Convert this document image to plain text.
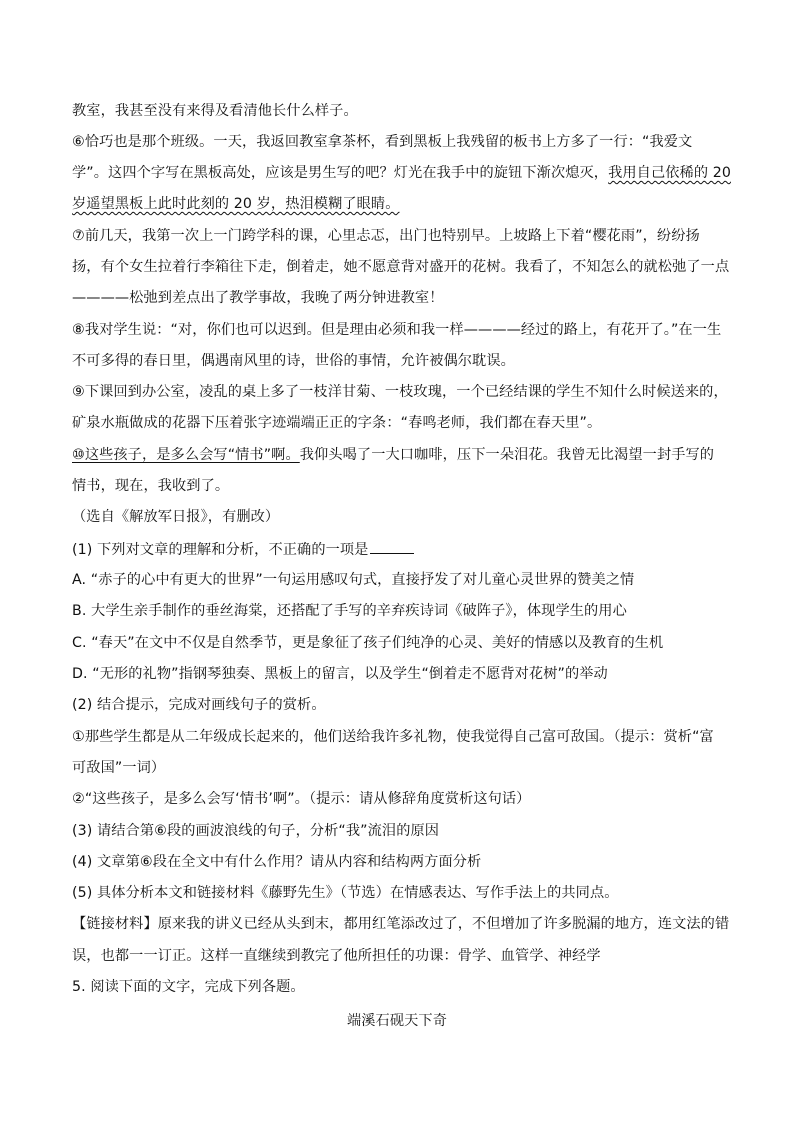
教室，我甚至没有来得及看清他长什么样子。
⑥恰巧也是那个班级。一天，我返回教室拿茶杯，看到黑板上我残留的板书上方多了一行：“我爱文
学”。这四个字写在黑板高处，应该是男生写的吧？灯光在我手中的旋钮下渐次熄灭，我用自己依稀的 20
岁遥望黑板上此时此刻的 20 岁，热泪模糊了眼睛。
⑦前几天，我第一次上一门跨学科的课，心里忐忑，出门也特别早。上坡路上下着“樱花雨”，纷纷扬
扬，有个女生拉着行李箱往下走，倒着走，她不愿意背对盛开的花树。我看了，不知怎么的就松弛了一点
————松弛到差点出了教学事故，我晚了两分钟进教室！
⑧我对学生说：“对，你们也可以迟到。但是理由必须和我一样————经过的路上，有花开了。”在一生
不可多得的春日里，偶遇南风里的诗，世俗的事情，允许被偶尔耽误。
⑨下课回到办公室，凌乱的桌上多了一枝洋甘菊、一枝玫瑰，一个已经结课的学生不知什么时候送来的，
矿泉水瓶做成的花器下压着张字迹端端正正的字条：“春鸣老师，我们都在春天里”。
⑩这些孩子，是多么会写“情书”啊。我仰头喝了一大口咖啡，压下一朵泪花。我曾无比渴望一封手写的
情书，现在，我收到了。
（选自《解放军日报》，有删改）
(1) 下列对文章的理解和分析，不正确的一项是
A. “赤子的心中有更大的世界”一句运用感叹句式，直接抒发了对儿童心灵世界的赞美之情
B. 大学生亲手制作的垂丝海棠，还搭配了手写的辛弃疾诗词《破阵子》，体现学生的用心
C. “春天”在文中不仅是自然季节，更是象征了孩子们纯净的心灵、美好的情感以及教育的生机
D. “无形的礼物”指钢琴独奏、黑板上的留言，以及学生“倒着走不愿背对花树”的举动
(2) 结合提示，完成对画线句子的赏析。
①那些学生都是从二年级成长起来的，他们送给我许多礼物，使我觉得自己富可敌国。（提示：赏析“富
可敌国”一词）
②“这些孩子，是多么会写‘情书’啊”。（提示：请从修辞角度赏析这句话）
(3) 请结合第⑥段的画波浪线的句子，分析“我”流泪的原因
(4) 文章第⑥段在全文中有什么作用？请从内容和结构两方面分析
(5) 具体分析本文和链接材料《藤野先生》（节选）在情感表达、写作手法上的共同点。
【链接材料】原来我的讲义已经从头到末，都用红笔添改过了，不但增加了许多脱漏的地方，连文法的错
误，也都一一订正。这样一直继续到教完了他所担任的功课：骨学、血管学、神经学
5. 阅读下面的文字，完成下列各题。
端溪石砚天下奇
